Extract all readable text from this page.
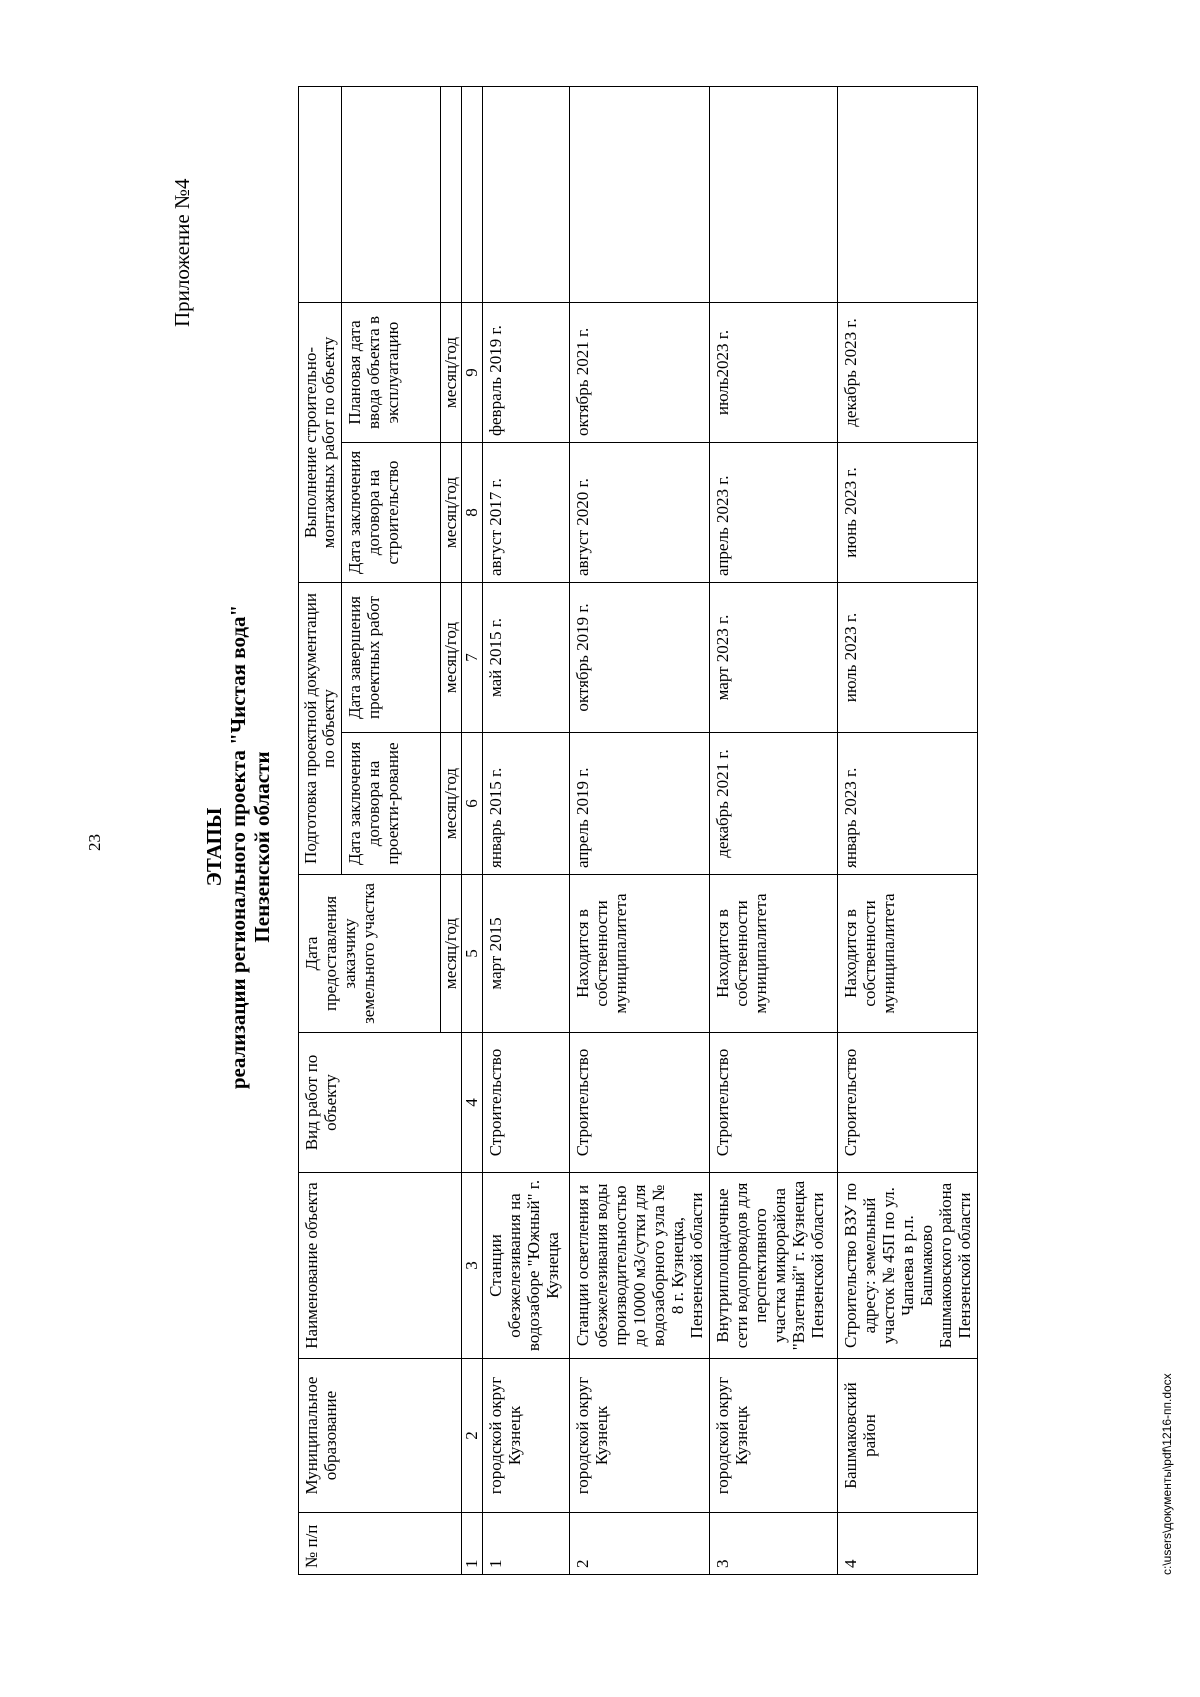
23
Приложение №4
ЭТАПЫ реализации регионального проекта "Чистая вода" Пензенской области
№ п/п	Муниципальное образование	Наименование объекта	Вид работ по объекту	Дата предоставления заказчику земельного участка	Подготовка проектной документации по объекту		Выполнение строительно-монтажных работ по объекту		
					Дата заключения договора на проекти-рование	Дата завершения проектных работ	Дата заключения договора на строительство	Плановая дата ввода объекта в эксплуатацию	
				месяц/год	месяц/год	месяц/год	месяц/год	месяц/год	
1	2	3	4	5	6	7	8	9	
1	городской округ Кузнецк	Станции обезжелезивания на водозаборе "Южный" г. Кузнецка	Строительство	март 2015	январь 2015 г.	май 2015 г.	август 2017 г.	февраль 2019 г.	
2	городской округ Кузнецк	Станции осветления и обезжелезивания воды производительностью до 10000 м3/сутки для водозаборного узла № 8 г. Кузнецка, Пензенской области	Строительство	Находится в собственности муниципалитета	апрель 2019 г.	октябрь 2019 г.	август 2020 г.	октябрь 2021 г.	
3	городской округ Кузнецк	Внутриплощадочные сети водопроводов для перспективного участка микрорайона "Взлетный" г. Кузнецка Пензенской области	Строительство	Находится в собственности муниципалитета	декабрь 2021 г.	март 2023 г.	апрель 2023 г.	июль2023 г.	
4	Башмаковский район	Строительство ВЗУ по адресу: земельный участок № 45П по ул. Чапаева в р.п. Башмаково Башмаковского района Пензенской области	Строительство	Находится в собственности муниципалитета	январь 2023 г.	июль 2023 г.	июнь 2023 г.	декабрь 2023 г.	
c:\users\документы\pdf\1216-пп.docx
